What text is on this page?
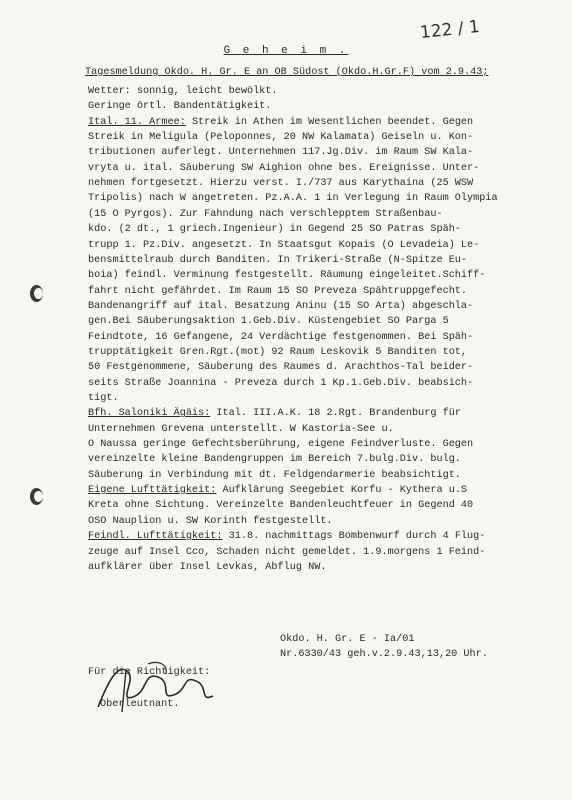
122 / 1
G e h e i m .
Tagesmeldung Okdo. H. Gr. E an OB Südost (Okdo.H.Gr.F) vom 2.9.43;
Wetter: sonnig, leicht bewölkt.
Geringe örtl. Bandentätigkeit.
Ital. 11. Armee: Streik in Athen im Wesentlichen beendet. Gegen
Streik in Meligula (Peloponnes, 20 NW Kalamata) Geiseln u. Kon-
tributionen auferlegt. Unternehmen 117.Jg.Div. im Raum SW Kala-
vryta u. ital. Säuberung SW Aighion ohne bes. Ereignisse. Unter-
nehmen fortgesetzt. Hierzu verst. I./737 aus Karythaina (25 WSW
Tripolis) nach W angetreten. Pz.A.A. 1 in Verlegung in Raum Olympia
(15 O Pyrgos). Zur Fahndung nach verschlepptem Straßenbau-
kdo. (2 dt., 1 griech.Ingenieur) in Gegend 25 SO Patras Späh-
trupp 1. Pz.Div. angesetzt. In Staatsgut Kopais (O Levadeia) Le-
bensmittelraub durch Banditen. In Trikeri-Straße (N-Spitze Eu-
boia) feindl. Verminung festgestellt. Räumung eingeleitet.Schiff-
fahrt nicht gefährdet. Im Raum 15 SO Preveza Spähtruppgefecht.
Bandenangriff auf ital. Besatzung Aninu (15 SO Arta) abgeschla-
gen.Bei Säuberungsaktion 1.Geb.Div. Küstengebiet SO Parga 5
Feindtote, 16 Gefangene, 24 Verdächtige festgenommen. Bei Späh-
trupptätigkeit Gren.Rgt.(mot) 92 Raum Leskovik 5 Banditen tot,
50 Festgenommene, Säuberung des Raumes d. Arachthos-Tal beider-
seits Straße Joannina - Preveza durch 1 Kp.1.Geb.Div. beabsich-
tigt.
Bfh. Saloniki Ägäis: Ital. III.A.K. 18 2.Rgt. Brandenburg für
Unternehmen Grevena unterstellt. W Kastoria-See u.
O Naussa geringe Gefechtsberührung, eigene Feindverluste. Gegen
vereinzelte kleine Bandengruppen im Bereich 7.bulg.Div. bulg.
Säuberung in Verbindung mit dt. Feldgendarmerie beabsichtigt.
Eigene Lufttätigkeit: Aufklärung Seegebiet Korfu - Kythera u.S
Kreta ohne Sichtung. Vereinzelte Bandenleuchtfeuer in Gegend 40
OSO Nauplion u. SW Korinth festgestellt.
Feindl. Lufttätigkeit: 31.8. nachmittags Bombenwurf durch 4 Flug-
zeuge auf Insel Cco, Schaden nicht gemeldet. 1.9.morgens 1 Feind-
aufklärer über Insel Levkas, Abflug NW.
Okdo. H. Gr. E - Ia/01
Nr.6330/43 geh.v.2.9.43,13,20 Uhr.
Für die Richtigkeit:
Oberleutnant.
